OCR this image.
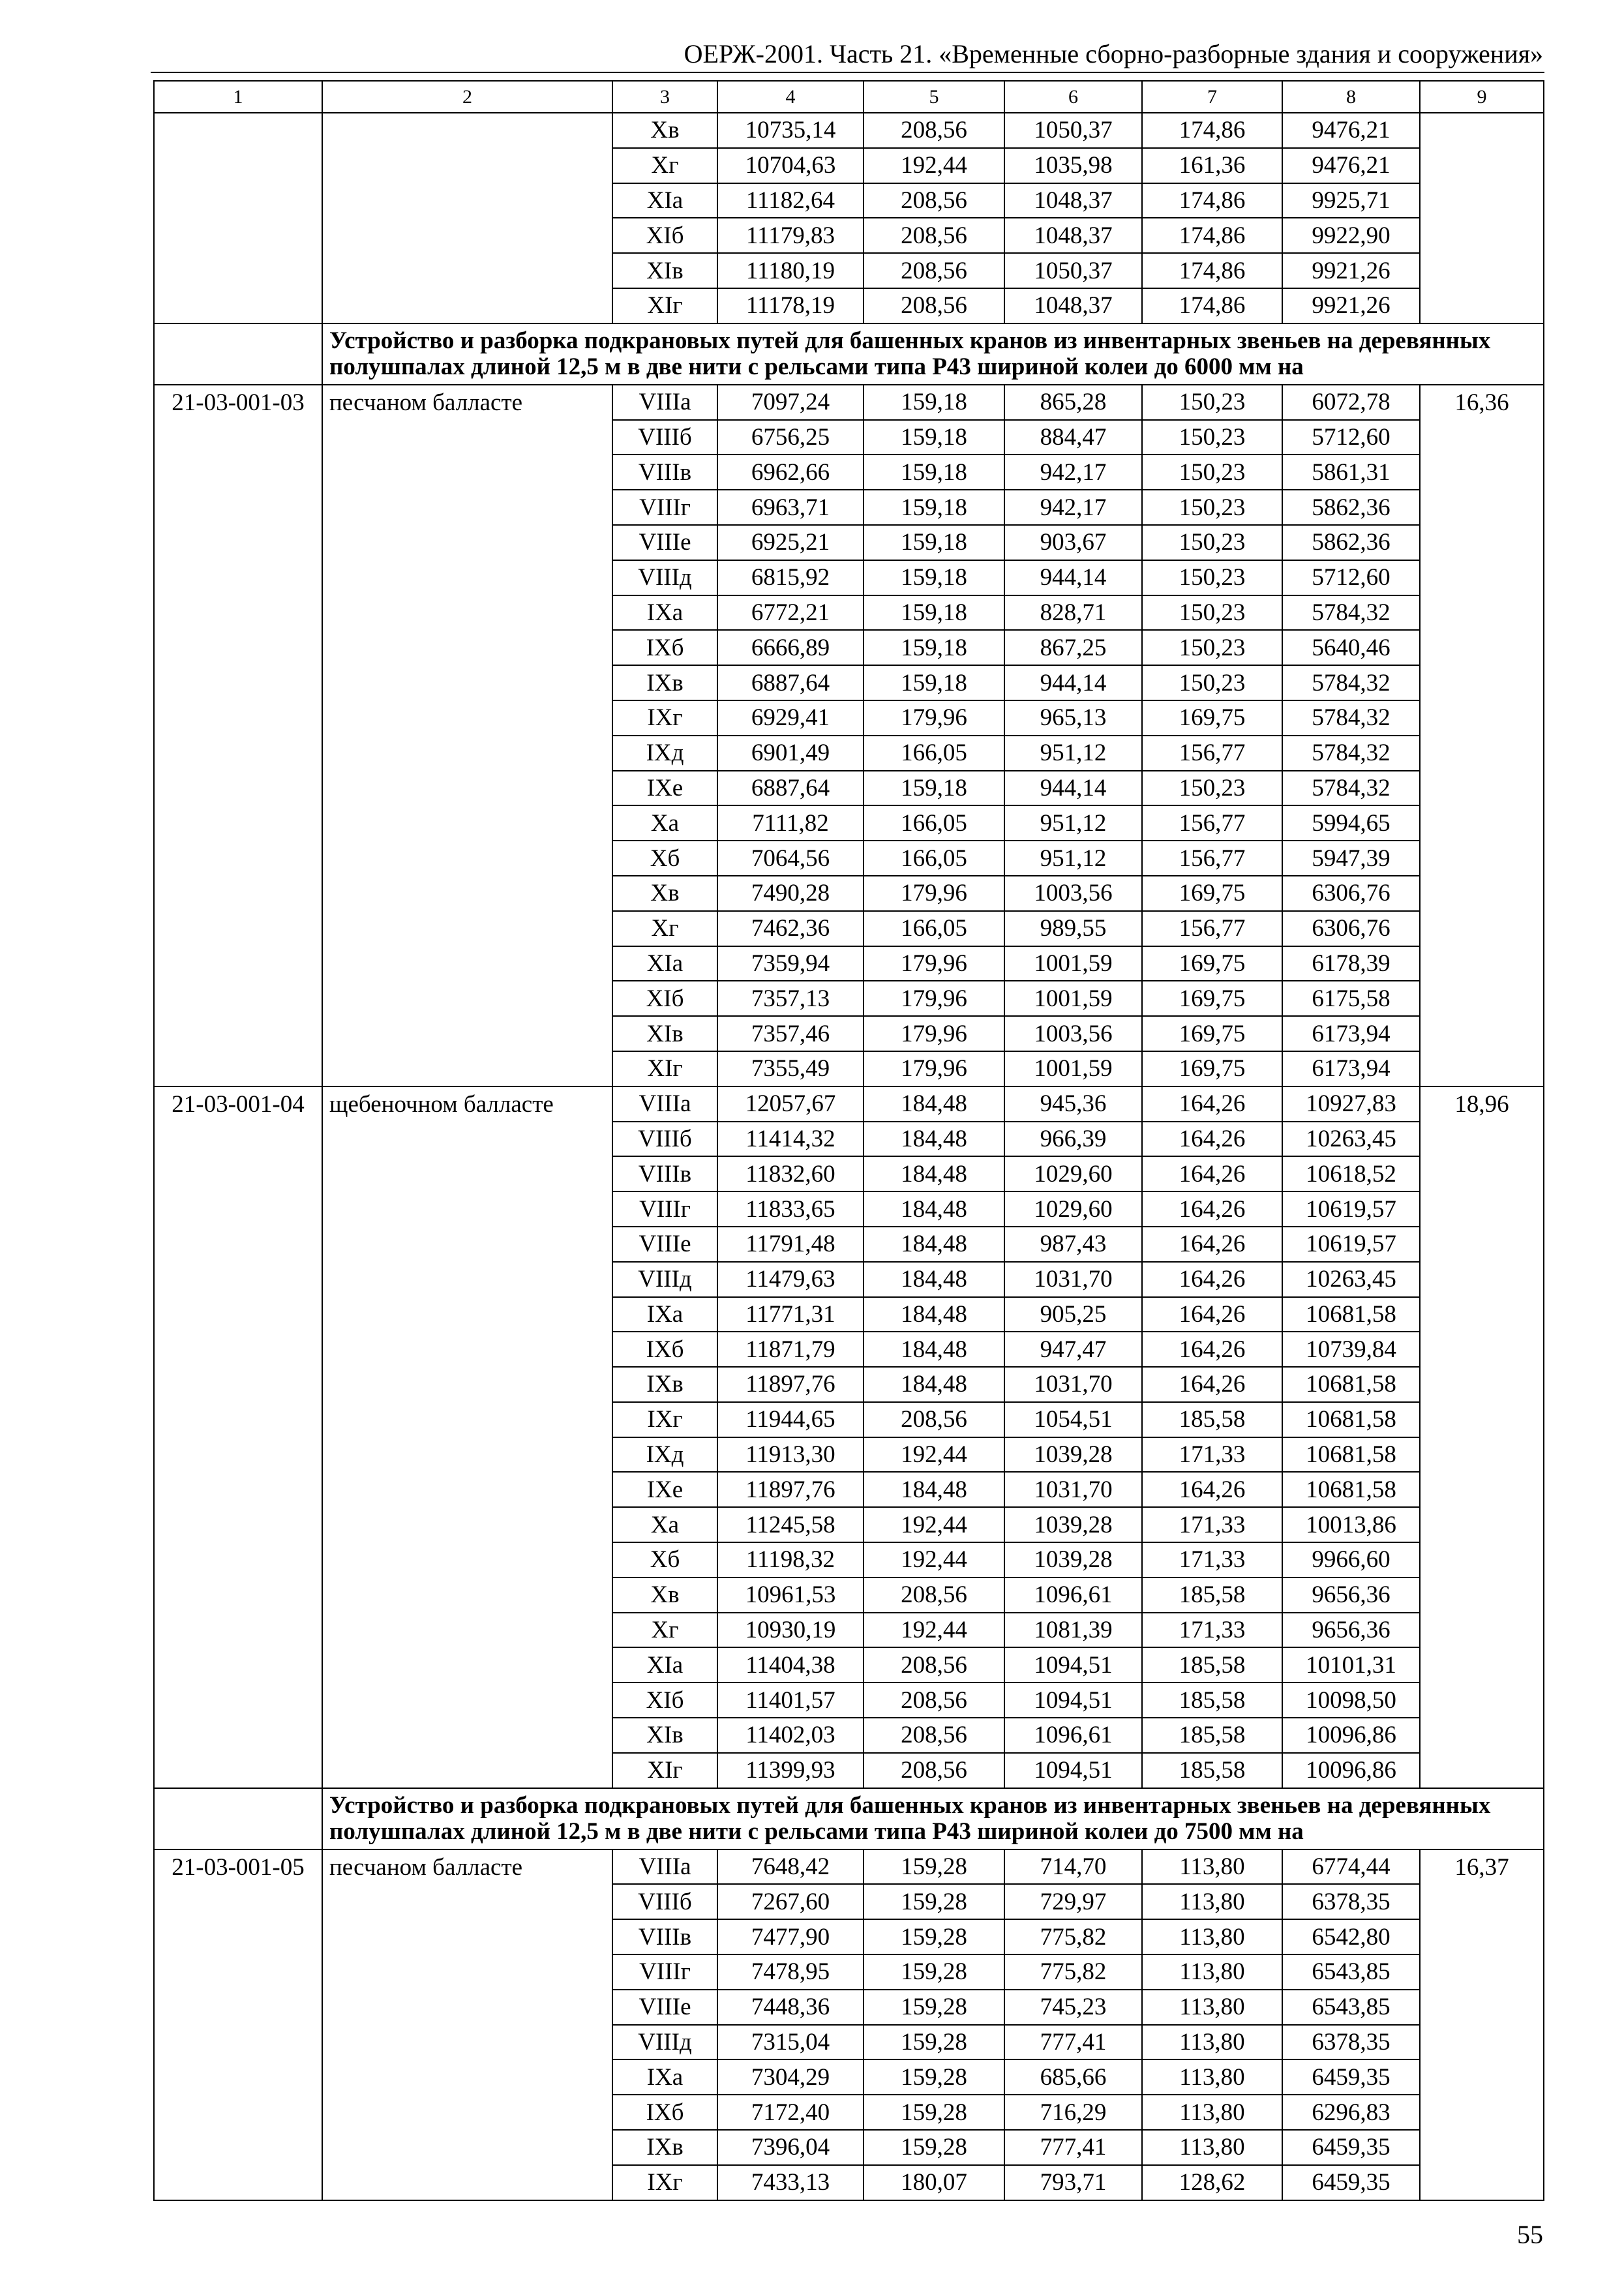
ОЕРЖ-2001. Часть 21. «Временные сборно-разборные здания и сооружения»
1	2	3	4	5	6	7	8	9
		Xв	10735,14	208,56	1050,37	174,86	9476,21	
		Xг	10704,63	192,44	1035,98	161,36	9476,21	
		XIа	11182,64	208,56	1048,37	174,86	9925,71	
		XIб	11179,83	208,56	1048,37	174,86	9922,90	
		XIв	11180,19	208,56	1050,37	174,86	9921,26	
		XIг	11178,19	208,56	1048,37	174,86	9921,26	

	Устройство и разборка подкрановых путей для башенных кранов из инвентарных звеньев на деревянных
полушпалах длиной 12,5 м в две нити с рельсами типа Р43 шириной колеи до 6000 мм на							

21-03-001-03	песчаном балласте	VIIIа	7097,24	159,18	865,28	150,23	6072,78	16,36
		VIIIб	6756,25	159,18	884,47	150,23	5712,60	
		VIIIв	6962,66	159,18	942,17	150,23	5861,31	
		VIIIг	6963,71	159,18	942,17	150,23	5862,36	
		VIIIе	6925,21	159,18	903,67	150,23	5862,36	
		VIIIд	6815,92	159,18	944,14	150,23	5712,60	
		IXа	6772,21	159,18	828,71	150,23	5784,32	
		IXб	6666,89	159,18	867,25	150,23	5640,46	
		IXв	6887,64	159,18	944,14	150,23	5784,32	
		IXг	6929,41	179,96	965,13	169,75	5784,32	
		IXд	6901,49	166,05	951,12	156,77	5784,32	
		IXе	6887,64	159,18	944,14	150,23	5784,32	
		Xа	7111,82	166,05	951,12	156,77	5994,65	
		Xб	7064,56	166,05	951,12	156,77	5947,39	
		Xв	7490,28	179,96	1003,56	169,75	6306,76	
		Xг	7462,36	166,05	989,55	156,77	6306,76	
		XIа	7359,94	179,96	1001,59	169,75	6178,39	
		XIб	7357,13	179,96	1001,59	169,75	6175,58	
		XIв	7357,46	179,96	1003,56	169,75	6173,94	
		XIг	7355,49	179,96	1001,59	169,75	6173,94	
21-03-001-04	щебеночном балласте	VIIIа	12057,67	184,48	945,36	164,26	10927,83	18,96
		VIIIб	11414,32	184,48	966,39	164,26	10263,45	
		VIIIв	11832,60	184,48	1029,60	164,26	10618,52	
		VIIIг	11833,65	184,48	1029,60	164,26	10619,57	
		VIIIе	11791,48	184,48	987,43	164,26	10619,57	
		VIIIд	11479,63	184,48	1031,70	164,26	10263,45	
		IXа	11771,31	184,48	905,25	164,26	10681,58	
		IXб	11871,79	184,48	947,47	164,26	10739,84	
		IXв	11897,76	184,48	1031,70	164,26	10681,58	
		IXг	11944,65	208,56	1054,51	185,58	10681,58	
		IXд	11913,30	192,44	1039,28	171,33	10681,58	
		IXе	11897,76	184,48	1031,70	164,26	10681,58	
		Xа	11245,58	192,44	1039,28	171,33	10013,86	
		Xб	11198,32	192,44	1039,28	171,33	9966,60	
		Xв	10961,53	208,56	1096,61	185,58	9656,36	
		Xг	10930,19	192,44	1081,39	171,33	9656,36	
		XIа	11404,38	208,56	1094,51	185,58	10101,31	
		XIб	11401,57	208,56	1094,51	185,58	10098,50	
		XIв	11402,03	208,56	1096,61	185,58	10096,86	
		XIг	11399,93	208,56	1094,51	185,58	10096,86	

	Устройство и разборка подкрановых путей для башенных кранов из инвентарных звеньев на деревянных
полушпалах длиной 12,5 м в две нити с рельсами типа Р43 шириной колеи до 7500 мм на							

21-03-001-05	песчаном балласте	VIIIа	7648,42	159,28	714,70	113,80	6774,44	16,37
		VIIIб	7267,60	159,28	729,97	113,80	6378,35	
		VIIIв	7477,90	159,28	775,82	113,80	6542,80	
		VIIIг	7478,95	159,28	775,82	113,80	6543,85	
		VIIIе	7448,36	159,28	745,23	113,80	6543,85	
		VIIIд	7315,04	159,28	777,41	113,80	6378,35	
		IXа	7304,29	159,28	685,66	113,80	6459,35	
		IXб	7172,40	159,28	716,29	113,80	6296,83	
		IXв	7396,04	159,28	777,41	113,80	6459,35	
		IXг	7433,13	180,07	793,71	128,62	6459,35	
55
